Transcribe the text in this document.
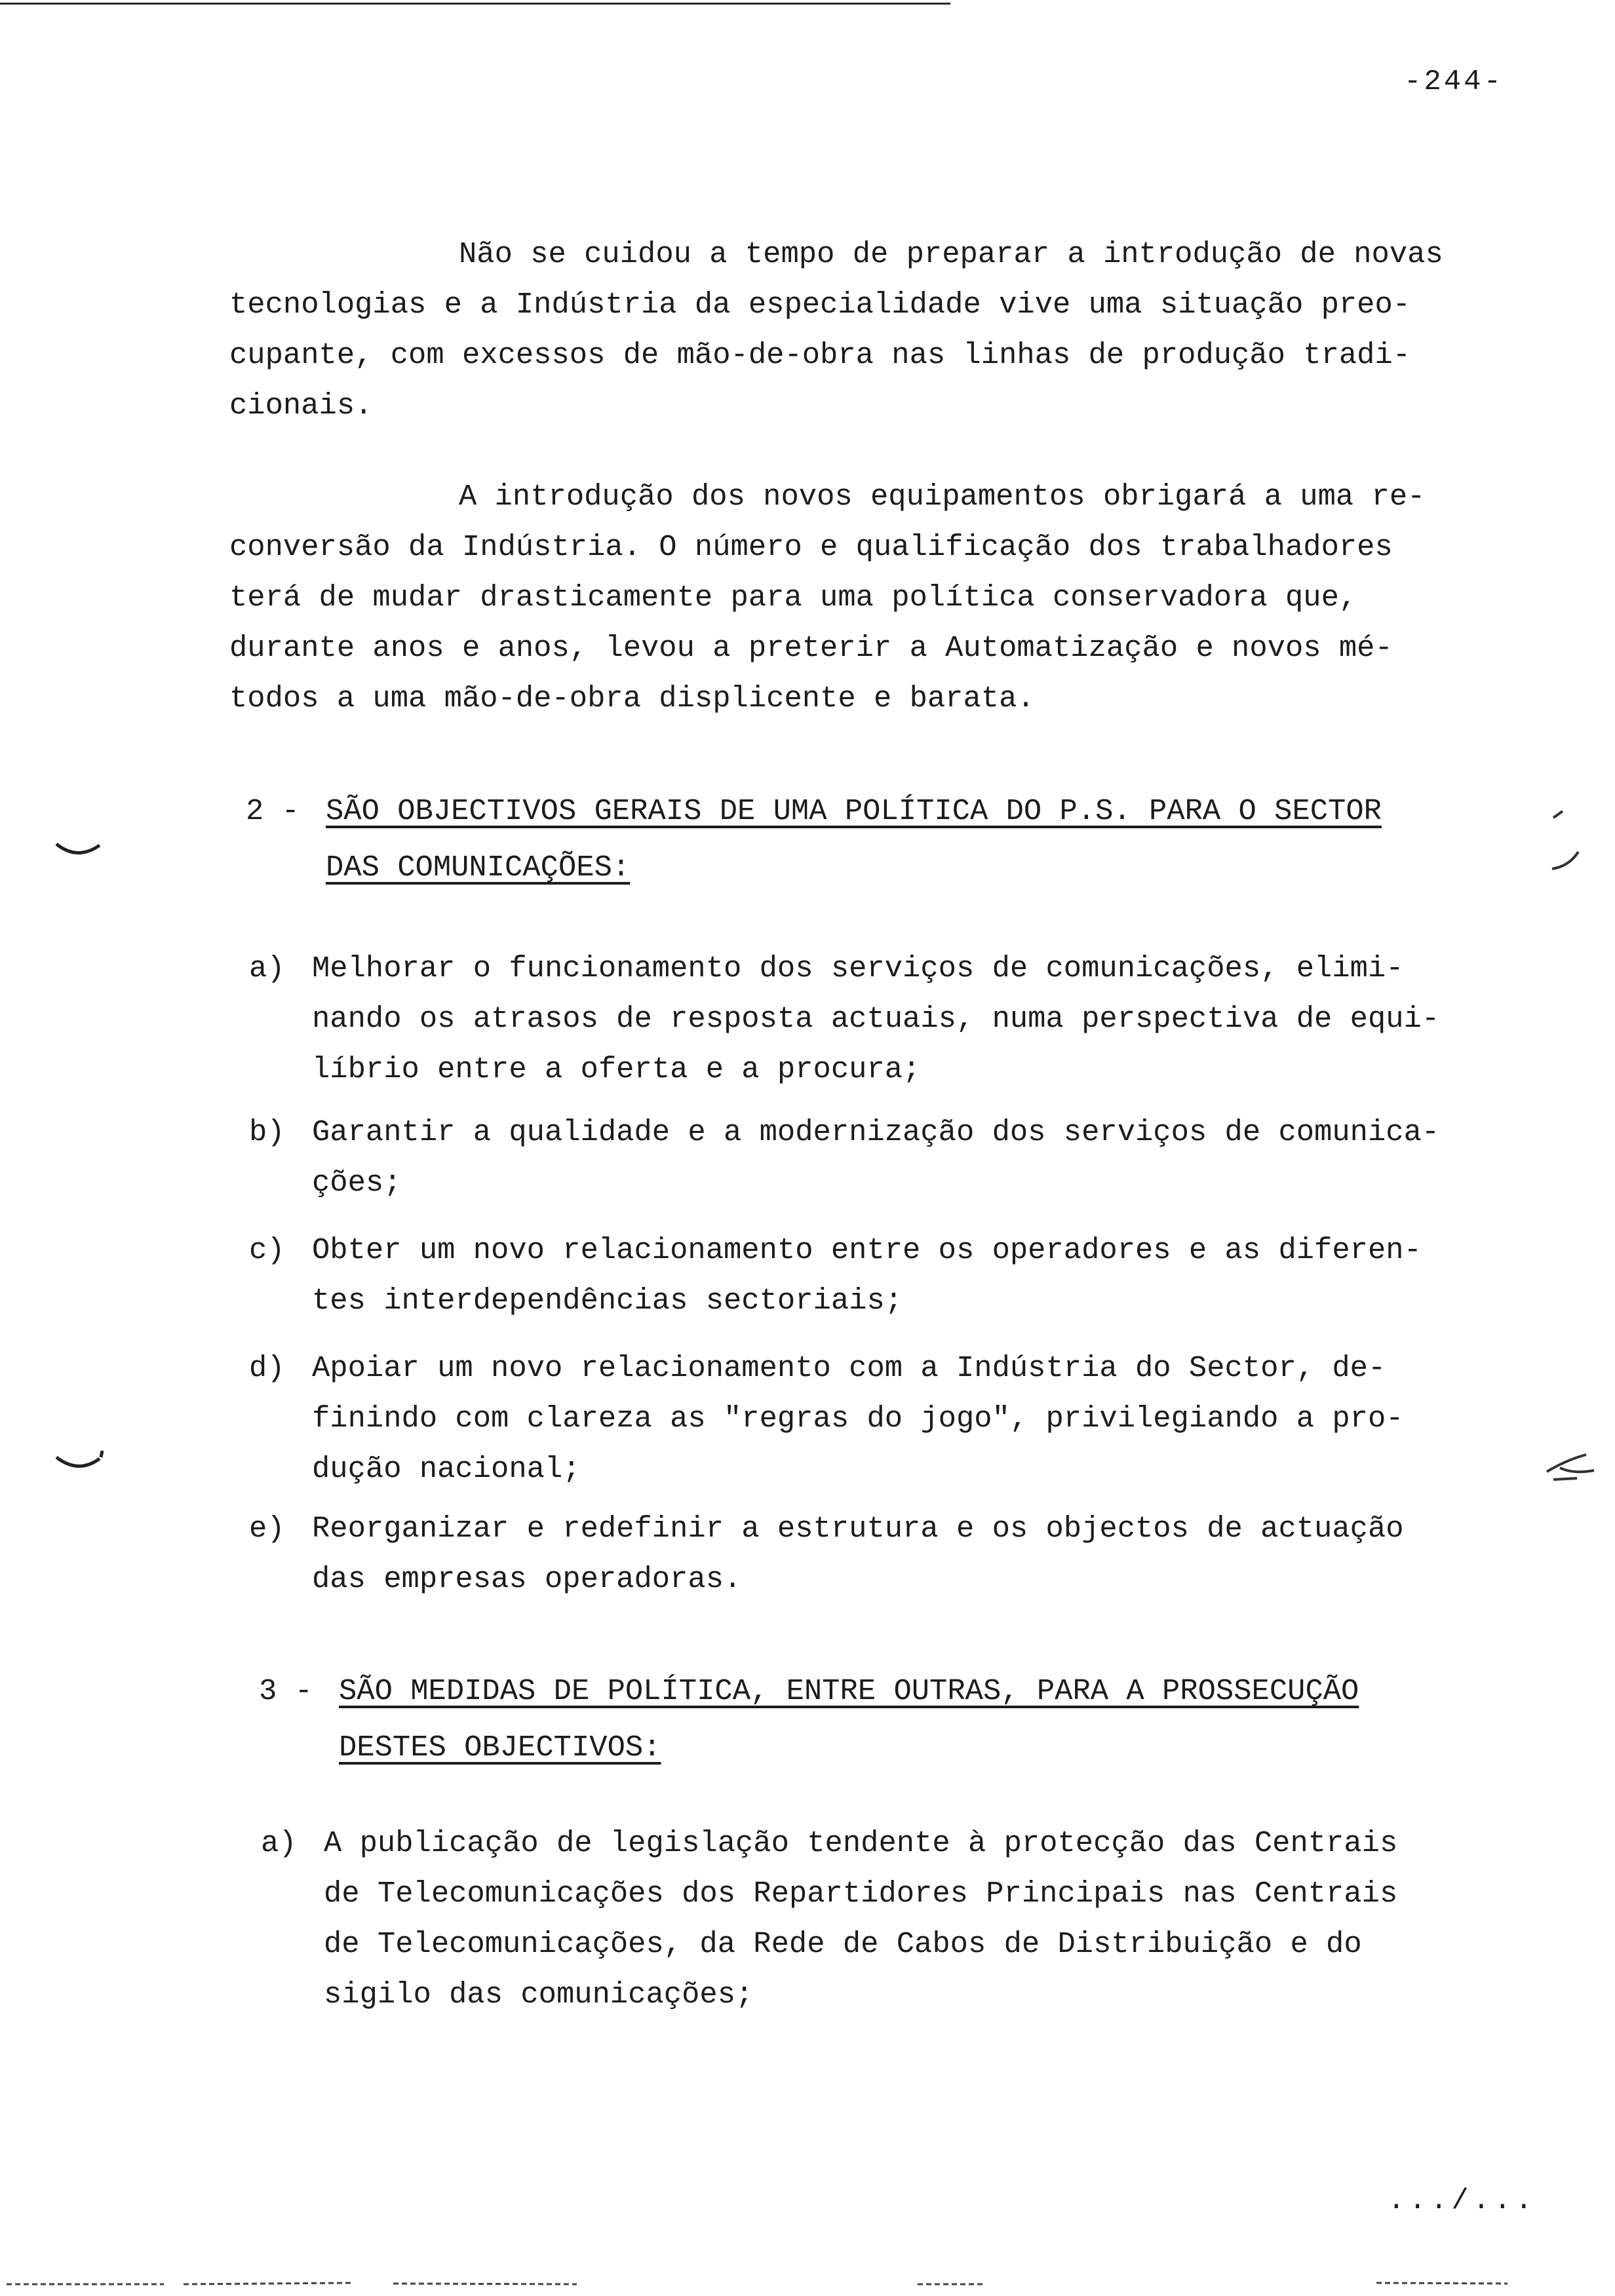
-244-

Não se cuidou a tempo de preparar a introdução de novas
tecnologias e a Indústria da especialidade vive uma situação preo-
cupante, com excessos de mão-de-obra nas linhas de produção tradi-
cionais.

A introdução dos novos equipamentos obrigará a uma re-
conversão da Indústria. O número e qualificação dos trabalhadores
terá de mudar drasticamente para uma política conservadora que,
durante anos e anos, levou a preterir a Automatização e novos mé-
todos a uma mão-de-obra displicente e barata.

2 - SÃO OBJECTIVOS GERAIS DE UMA POLÍTICA DO P.S. PARA O SECTOR
DAS COMUNICAÇÕES:
a) Melhorar o funcionamento dos serviços de comunicações, elimi-
nando os atrasos de resposta actuais, numa perspectiva de equi-
líbrio entre a oferta e a procura;
b) Garantir a qualidade e a modernização dos serviços de comunica-
ções;
c) Obter um novo relacionamento entre os operadores e as diferen-
tes interdependências sectoriais;
d) Apoiar um novo relacionamento com a Indústria do Sector, de-
finindo com clareza as "regras do jogo", privilegiando a pro-
dução nacional;
e) Reorganizar e redefinir a estrutura e os objectos de actuação
das empresas operadoras.
3 - SÃO MEDIDAS DE POLÍTICA, ENTRE OUTRAS, PARA A PROSSECUÇÃO
DESTES OBJECTIVOS:
a) A publicação de legislação tendente à protecção das Centrais
de Telecomunicações dos Repartidores Principais nas Centrais
de Telecomunicações, da Rede de Cabos de Distribuição e do
sigilo das comunicações;
.../...
